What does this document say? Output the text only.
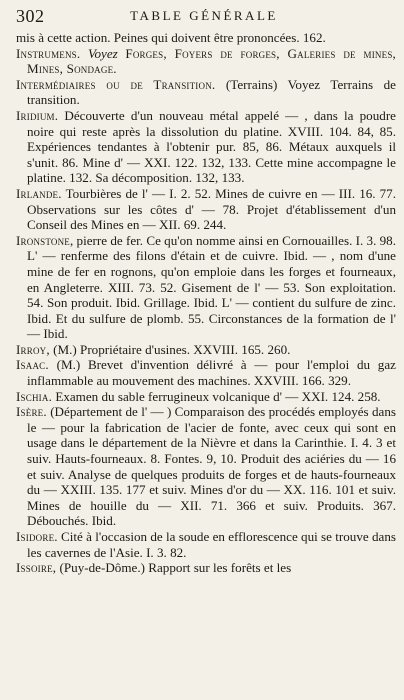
302	TABLE GÉNÉRALE

mis à cette action. Peines qui doivent être prononcées. 162.

Instrumens. Voyez Forges, Foyers de forges, Galeries de mines, Mines, Sondage.

Intermédiaires ou de Transition. (Terrains) Voyez Terrains de transition.

Iridium. Découverte d'un nouveau métal appelé — , dans la poudre noire qui reste après la dissolution du platine. XVIII. 104. 84, 85. Expériences tendantes à l'obtenir pur. 85, 86. Métaux auxquels il s'unit. 86. Mine d' — XXI. 122. 132, 133. Cette mine accompagne le platine. 132. Sa décomposition. 132, 133.

Irlande. Tourbières de l' — I. 2. 52. Mines de cuivre en — III. 16. 77. Observations sur les côtes d' — 78. Projet d'établissement d'un Conseil des Mines en — XII. 69. 244.

Ironstone, pierre de fer. Ce qu'on nomme ainsi en Cornouailles. I. 3. 98. L' — renferme des filons d'étain et de cuivre. Ibid. — , nom d'une mine de fer en rognons, qu'on emploie dans les forges et fourneaux, en Angleterre. XIII. 73. 52. Gisement de l' — 53. Son exploitation. 54. Son produit. Ibid. Grillage. Ibid. L' — contient du sulfure de zinc. Ibid. Et du sulfure de plomb. 55. Circonstances de la formation de l' — Ibid.

Irroy, (M.) Propriétaire d'usines. XXVIII. 165. 260.

Isaac. (M.) Brevet d'invention délivré à — pour l'emploi du gaz inflammable au mouvement des machines. XXVIII. 166. 329.

Ischia. Examen du sable ferrugineux volcanique d' — XXI. 124. 258.

Isère. (Département de l' — ) Comparaison des procédés employés dans le — pour la fabrication de l'acier de fonte, avec ceux qui sont en usage dans le département de la Nièvre et dans la Carinthie. I. 4. 3 et suiv. Hauts-fourneaux. 8. Fontes. 9, 10. Produit des aciéries du — 16 et suiv. Analyse de quelques produits de forges et de hauts-fourneaux du — XXIII. 135. 177 et suiv. Mines d'or du — XX. 116. 101 et suiv. Mines de houille du — XII. 71. 366 et suiv. Produits. 367. Débouchés. Ibid.

Isidore. Cité à l'occasion de la soude en efflorescence qui se trouve dans les cavernes de l'Asie. I. 3. 82.

Issoire, (Puy-de-Dôme.) Rapport sur les forêts et les
